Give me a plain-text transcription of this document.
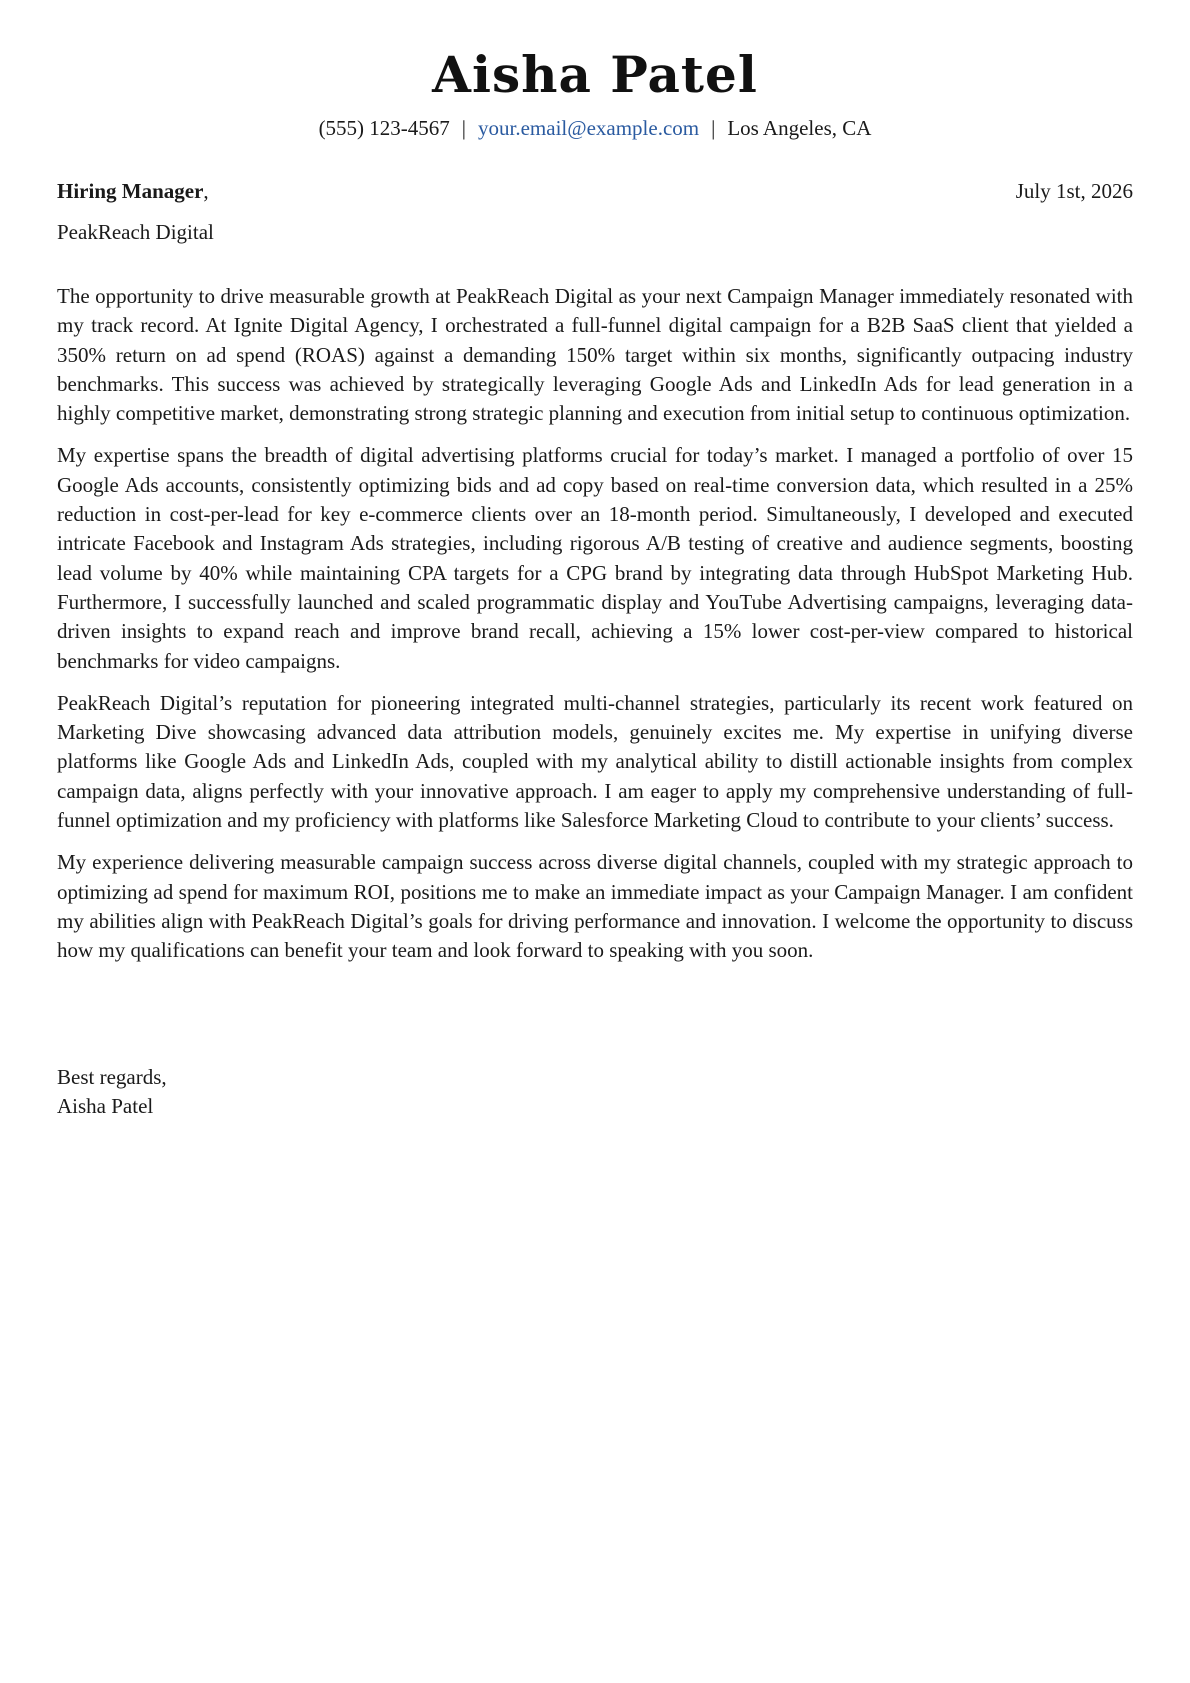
Aisha Patel
(555) 123-4567 | your.email@example.com | Los Angeles, CA
Hiring Manager,	July 1st, 2026
PeakReach Digital

The opportunity to drive measurable growth at PeakReach Digital as your next Campaign Manager immediately resonated with my track record. At Ignite Digital Agency, I orchestrated a full-funnel digital campaign for a B2B SaaS client that yielded a 350% return on ad spend (ROAS) against a demanding 150% target within six months, significantly outpacing industry benchmarks. This success was achieved by strategically leveraging Google Ads and LinkedIn Ads for lead generation in a highly competitive market, demonstrating strong strategic planning and execution from initial setup to continuous optimization.

My expertise spans the breadth of digital advertising platforms crucial for today’s market. I managed a portfolio of over 15 Google Ads accounts, consistently optimizing bids and ad copy based on real-time conversion data, which resulted in a 25% reduction in cost-per-lead for key e-commerce clients over an 18-month period. Simultaneously, I developed and executed intricate Facebook and Instagram Ads strategies, including rigorous A/B testing of creative and audience segments, boosting lead volume by 40% while maintaining CPA targets for a CPG brand by integrating data through HubSpot Marketing Hub. Furthermore, I successfully launched and scaled programmatic display and YouTube Advertising campaigns, leveraging data-driven insights to expand reach and improve brand recall, achieving a 15% lower cost-per-view compared to historical benchmarks for video campaigns.

PeakReach Digital’s reputation for pioneering integrated multi-channel strategies, particularly its recent work featured on Marketing Dive showcasing advanced data attribution models, genuinely excites me. My expertise in unifying diverse platforms like Google Ads and LinkedIn Ads, coupled with my analytical ability to distill actionable insights from complex campaign data, aligns perfectly with your innovative approach. I am eager to apply my comprehensive understanding of full-funnel optimization and my proficiency with platforms like Salesforce Marketing Cloud to contribute to your clients’ success.

My experience delivering measurable campaign success across diverse digital channels, coupled with my strategic approach to optimizing ad spend for maximum ROI, positions me to make an immediate impact as your Campaign Manager. I am confident my abilities align with PeakReach Digital’s goals for driving performance and innovation. I welcome the opportunity to discuss how my qualifications can benefit your team and look forward to speaking with you soon.

Best regards,
Aisha Patel
